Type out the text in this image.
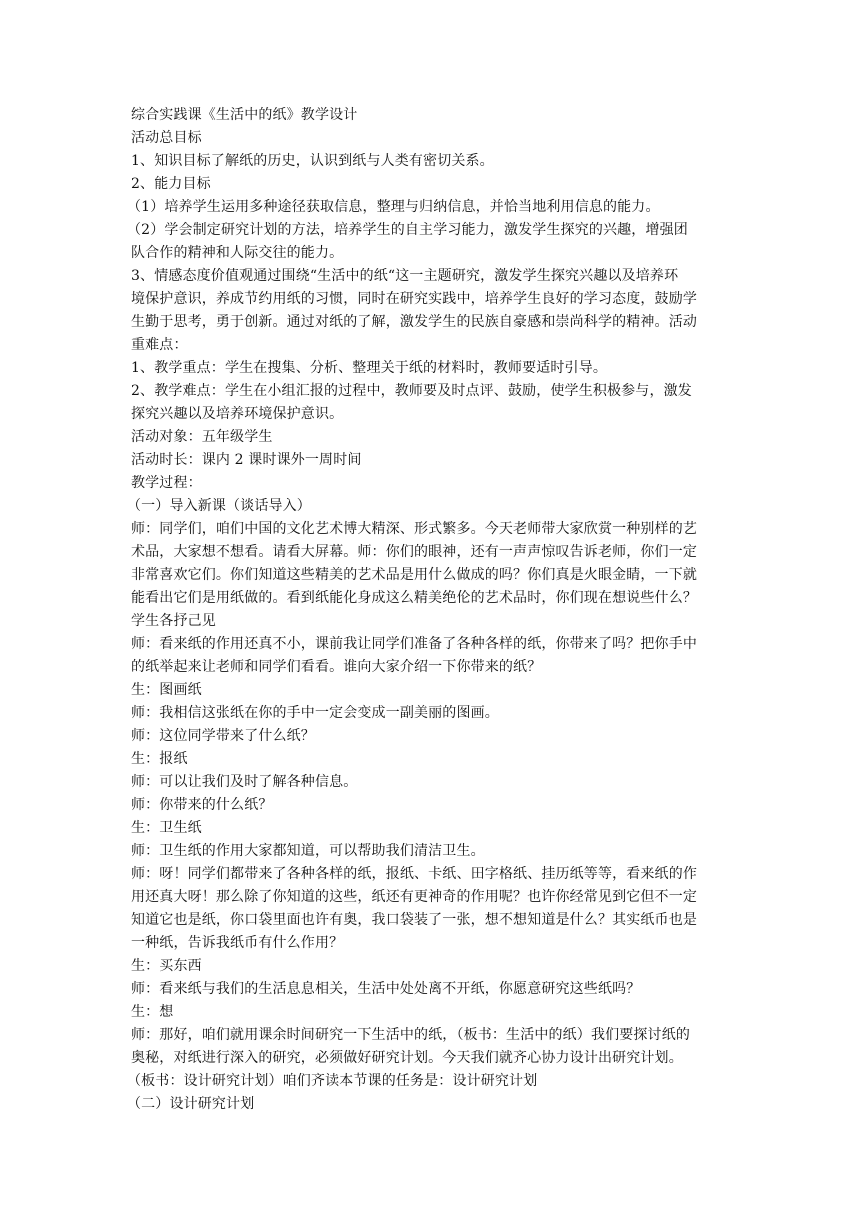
综合实践课《生活中的纸》教学设计
活动总目标
1、知识目标了解纸的历史，认识到纸与人类有密切关系。
2、能力目标
（1）培养学生运用多种途径获取信息，整理与归纳信息，并恰当地利用信息的能力。
（2）学会制定研究计划的方法，培养学生的自主学习能力，激发学生探究的兴趣，增强团
队合作的精神和人际交往的能力。
3、情感态度价值观通过围绕“生活中的纸“这一主题研究，激发学生探究兴趣以及培养环
境保护意识，养成节约用纸的习惯，同时在研究实践中，培养学生良好的学习态度，鼓励学
生勤于思考，勇于创新。通过对纸的了解，激发学生的民族自豪感和崇尚科学的精神。活动
重难点：
1、教学重点：学生在搜集、分析、整理关于纸的材料时，教师要适时引导。
2、教学难点：学生在小组汇报的过程中，教师要及时点评、鼓励，使学生积极参与，激发
探究兴趣以及培养环境保护意识。
活动对象：五年级学生
活动时长：课内 2 课时课外一周时间
教学过程：
（一）导入新课（谈话导入）
师：同学们，咱们中国的文化艺术博大精深、形式繁多。今天老师带大家欣赏一种别样的艺
术品，大家想不想看。请看大屏幕。师：你们的眼神，还有一声声惊叹告诉老师，你们一定
非常喜欢它们。你们知道这些精美的艺术品是用什么做成的吗？你们真是火眼金睛，一下就
能看出它们是用纸做的。看到纸能化身成这么精美绝伦的艺术品时，你们现在想说些什么？
学生各抒己见
师：看来纸的作用还真不小，课前我让同学们准备了各种各样的纸，你带来了吗？把你手中
的纸举起来让老师和同学们看看。谁向大家介绍一下你带来的纸？
生：图画纸
师：我相信这张纸在你的手中一定会变成一副美丽的图画。
师：这位同学带来了什么纸？
生：报纸
师：可以让我们及时了解各种信息。
师：你带来的什么纸？
生：卫生纸
师：卫生纸的作用大家都知道，可以帮助我们清洁卫生。
师：呀！同学们都带来了各种各样的纸，报纸、卡纸、田字格纸、挂历纸等等，看来纸的作
用还真大呀！那么除了你知道的这些，纸还有更神奇的作用呢？也许你经常见到它但不一定
知道它也是纸，你口袋里面也许有奥，我口袋装了一张，想不想知道是什么？其实纸币也是
一种纸，告诉我纸币有什么作用？
生：买东西
师：看来纸与我们的生活息息相关，生活中处处离不开纸，你愿意研究这些纸吗？
生：想
师：那好，咱们就用课余时间研究一下生活中的纸，（板书：生活中的纸）我们要探讨纸的
奥秘，对纸进行深入的研究，必须做好研究计划。今天我们就齐心协力设计出研究计划。
（板书：设计研究计划）咱们齐读本节课的任务是：设计研究计划
（二）设计研究计划
